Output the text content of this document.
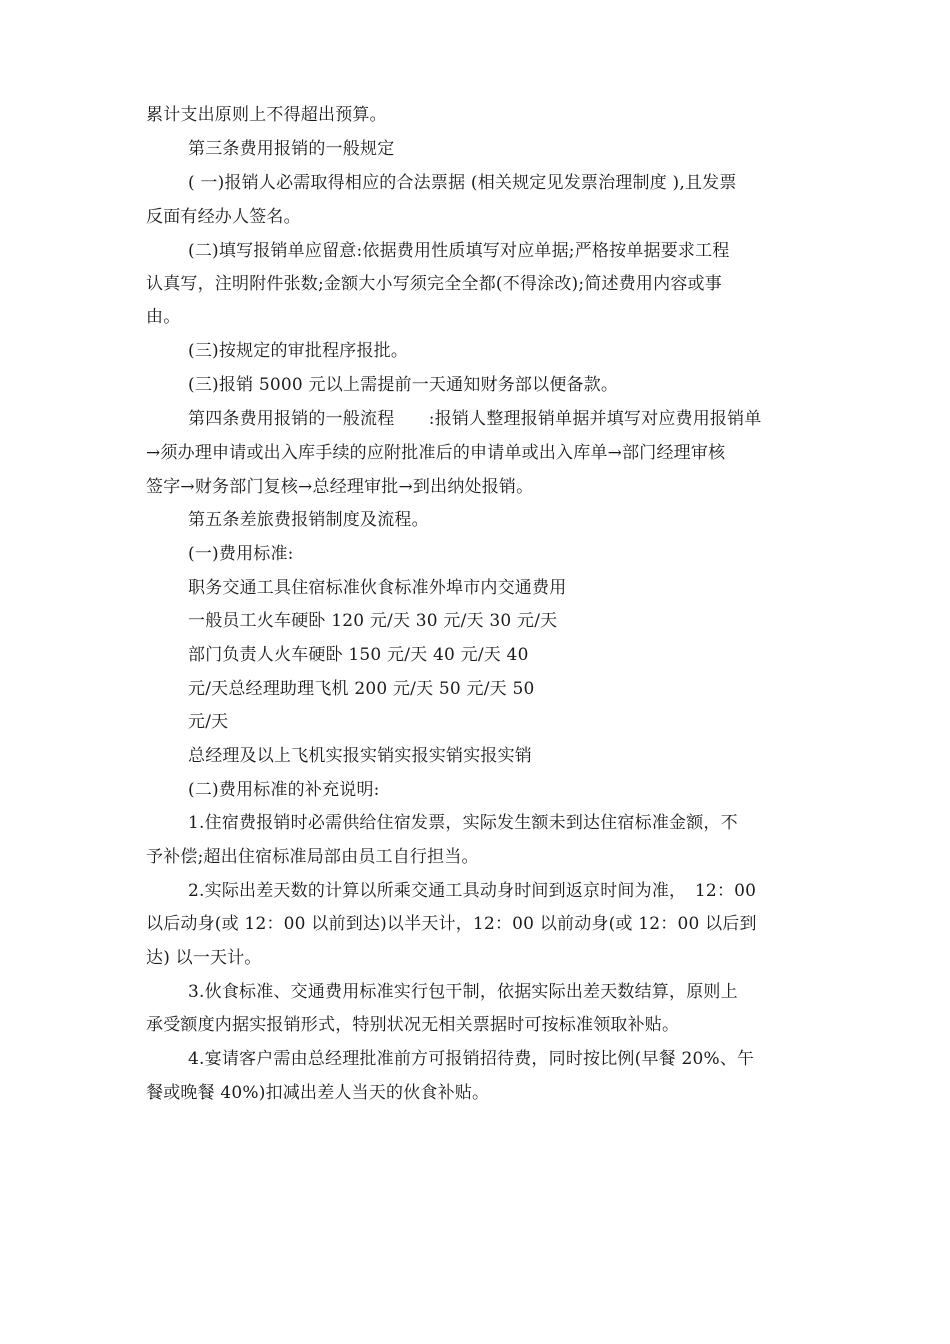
累计支出原则上不得超出预算。
第三条费用报销的一般规定
( 一)报销人必需取得相应的合法票据 (相关规定见发票治理制度 ),且发票
反面有经办人签名。
(二)填写报销单应留意:依据费用性质填写对应单据;严格按单据要求工程
认真写，注明附件张数;金额大小写须完全全都(不得涂改);简述费用内容或事
由。
(三)按规定的审批程序报批。
(三)报销 5000 元以上需提前一天通知财务部以便备款。
第四条费用报销的一般流程　　:报销人整理报销单据并填写对应费用报销单
→须办理申请或出入库手续的应附批准后的申请单或出入库单→部门经理审核
签字→财务部门复核→总经理审批→到出纳处报销。
第五条差旅费报销制度及流程。
(一)费用标准:
职务交通工具住宿标准伙食标准外埠市内交通费用
一般员工火车硬卧 120 元/天 30 元/天 30 元/天
部门负责人火车硬卧 150 元/天 40 元/天 40
元/天总经理助理飞机 200 元/天 50 元/天 50
元/天
总经理及以上飞机实报实销实报实销实报实销
(二)费用标准的补充说明:
1.住宿费报销时必需供给住宿发票，实际发生额未到达住宿标准金额，不
予补偿;超出住宿标准局部由员工自行担当。
2.实际出差天数的计算以所乘交通工具动身时间到返京时间为准，　12：00
以后动身(或 12：00 以前到达)以半天计，12：00 以前动身(或 12：00 以后到
达) 以一天计。
3.伙食标准、交通费用标准实行包干制，依据实际出差天数结算，原则上
承受额度内据实报销形式，特别状况无相关票据时可按标准领取补贴。
4.宴请客户需由总经理批准前方可报销招待费，同时按比例(早餐 20%、午
餐或晚餐 40%)扣减出差人当天的伙食补贴。
